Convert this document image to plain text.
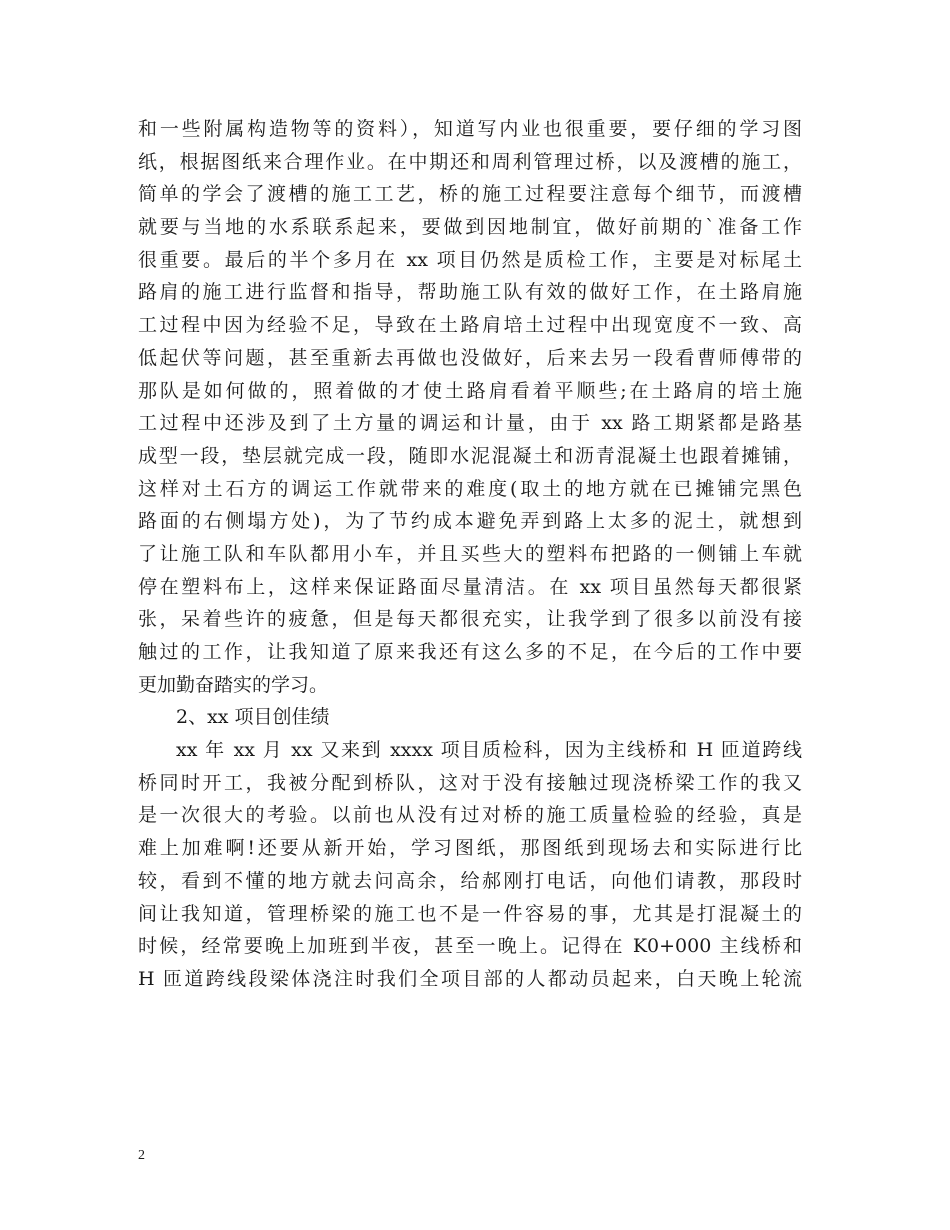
和一些附属构造物等的资料），知道写内业也很重要，要仔细的学习图
纸，根据图纸来合理作业。在中期还和周利管理过桥，以及渡槽的施工，
简单的学会了渡槽的施工工艺，桥的施工过程要注意每个细节，而渡槽
就要与当地的水系联系起来，要做到因地制宜，做好前期的`准备工作
很重要。最后的半个多月在 xx 项目仍然是质检工作，主要是对标尾土
路肩的施工进行监督和指导，帮助施工队有效的做好工作，在土路肩施
工过程中因为经验不足，导致在土路肩培土过程中出现宽度不一致、高
低起伏等问题，甚至重新去再做也没做好，后来去另一段看曹师傅带的
那队是如何做的，照着做的才使土路肩看着平顺些;在土路肩的培土施
工过程中还涉及到了土方量的调运和计量，由于 xx 路工期紧都是路基
成型一段，垫层就完成一段，随即水泥混凝土和沥青混凝土也跟着摊铺，
这样对土石方的调运工作就带来的难度(取土的地方就在已摊铺完黑色
路面的右侧塌方处)，为了节约成本避免弄到路上太多的泥土，就想到
了让施工队和车队都用小车，并且买些大的塑料布把路的一侧铺上车就
停在塑料布上，这样来保证路面尽量清洁。在 xx 项目虽然每天都很紧
张，呆着些许的疲惫，但是每天都很充实，让我学到了很多以前没有接
触过的工作，让我知道了原来我还有这么多的不足，在今后的工作中要
更加勤奋踏实的学习。
2、xx 项目创佳绩
xx 年 xx 月 xx 又来到 xxxx 项目质检科，因为主线桥和 H 匝道跨线
桥同时开工，我被分配到桥队，这对于没有接触过现浇桥梁工作的我又
是一次很大的考验。以前也从没有过对桥的施工质量检验的经验，真是
难上加难啊!还要从新开始，学习图纸，那图纸到现场去和实际进行比
较，看到不懂的地方就去问高余，给郝刚打电话，向他们请教，那段时
间让我知道，管理桥梁的施工也不是一件容易的事，尤其是打混凝土的
时候，经常要晚上加班到半夜，甚至一晚上。记得在 K0+000 主线桥和
H 匝道跨线段梁体浇注时我们全项目部的人都动员起来，白天晚上轮流
2
